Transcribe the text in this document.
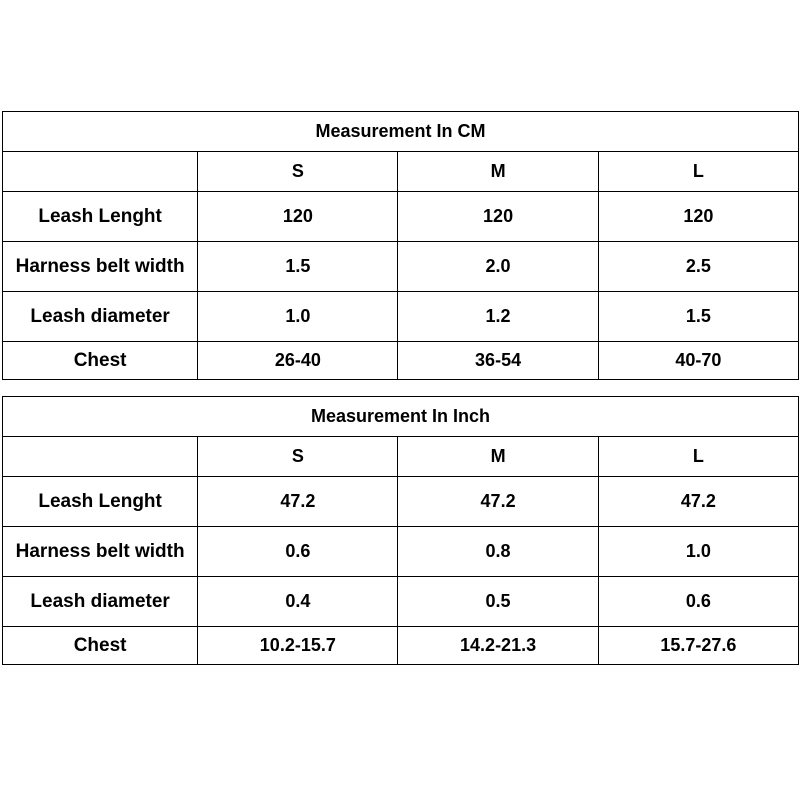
Measurement In CM			
	S	M	L
Leash Lenght	120	120	120
Harness belt width	1.5	2.0	2.5
Leash diameter	1.0	1.2	1.5
Chest	26-40	36-54	40-70
Measurement In Inch			
	S	M	L
Leash Lenght	47.2	47.2	47.2
Harness belt width	0.6	0.8	1.0
Leash diameter	0.4	0.5	0.6
Chest	10.2-15.7	14.2-21.3	15.7-27.6
